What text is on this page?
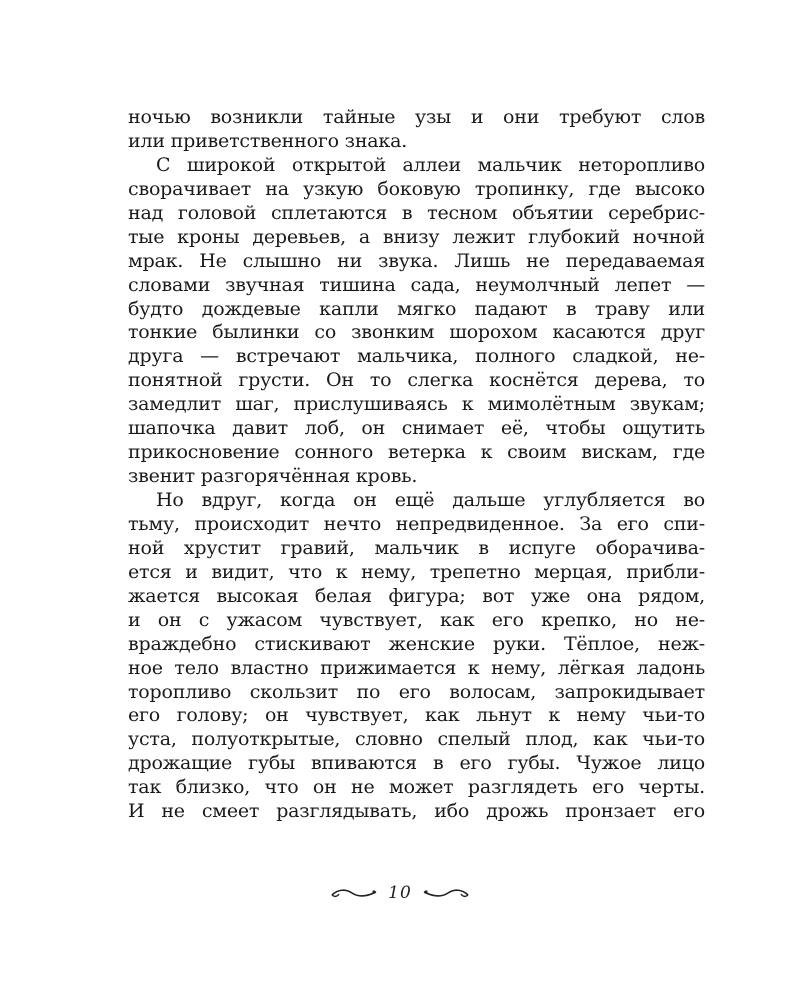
ночью возникли тайные узы и они требуют слов
или приветственного знака.
С широкой открытой аллеи мальчик неторопливо
сворачивает на узкую боковую тропинку, где высоко
над головой сплетаются в тесном объятии серебрис-
тые кроны деревьев, а внизу лежит глубокий ночной
мрак. Не слышно ни звука. Лишь не передаваемая
словами звучная тишина сада, неумолчный лепет —
будто дождевые капли мягко падают в траву или
тонкие былинки со звонким шорохом касаются друг
друга — встречают мальчика, полного сладкой, не-
понятной грусти. Он то слегка коснётся дерева, то
замедлит шаг, прислушиваясь к мимолётным звукам;
шапочка давит лоб, он снимает её, чтобы ощутить
прикосновение сонного ветерка к своим вискам, где
звенит разгорячённая кровь.
Но вдруг, когда он ещё дальше углубляется во
тьму, происходит нечто непредвиденное. За его спи-
ной хрустит гравий, мальчик в испуге оборачива-
ется и видит, что к нему, трепетно мерцая, прибли-
жается высокая белая фигура; вот уже она рядом,
и он с ужасом чувствует, как его крепко, но не-
враждебно стискивают женские руки. Тёплое, неж-
ное тело властно прижимается к нему, лёгкая ладонь
торопливо скользит по его волосам, запрокидывает
его голову; он чувствует, как льнут к нему чьи-то
уста, полуоткрытые, словно спелый плод, как чьи-то
дрожащие губы впиваются в его губы. Чужое лицо
так близко, что он не может разглядеть его черты.
И не смеет разглядывать, ибо дрожь пронзает его
10
